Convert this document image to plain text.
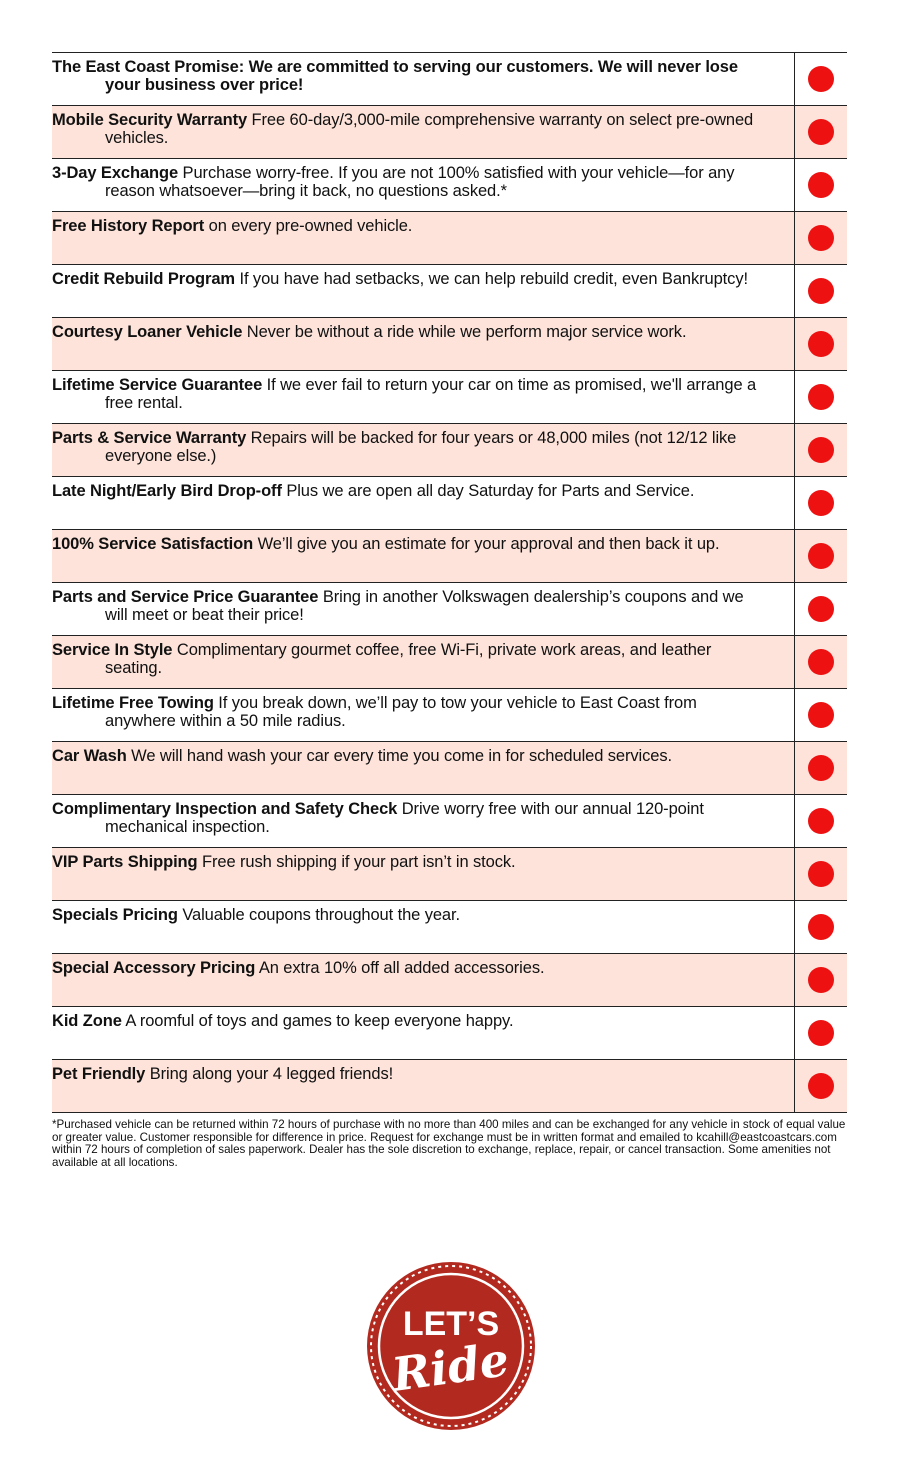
The East Coast Promise: We are committed to serving our customers. We will never lose your business over price!
Mobile Security Warranty Free 60-day/3,000-mile comprehensive warranty on select pre-owned vehicles.
3-Day Exchange Purchase worry-free. If you are not 100% satisfied with your vehicle—for any reason whatsoever—bring it back, no questions asked.*
Free History Report on every pre-owned vehicle.
Credit Rebuild Program If you have had setbacks, we can help rebuild credit, even Bankruptcy!
Courtesy Loaner Vehicle Never be without a ride while we perform major service work.
Lifetime Service Guarantee If we ever fail to return your car on time as promised, we'll arrange a free rental.
Parts & Service Warranty Repairs will be backed for four years or 48,000 miles (not 12/12 like everyone else.)
Late Night/Early Bird Drop-off Plus we are open all day Saturday for Parts and Service.
100% Service Satisfaction We’ll give you an estimate for your approval and then back it up.
Parts and Service Price Guarantee Bring in another Volkswagen dealership’s coupons and we will meet or beat their price!
Service In Style Complimentary gourmet coffee, free Wi-Fi, private work areas, and leather seating.
Lifetime Free Towing If you break down, we’ll pay to tow your vehicle to East Coast from anywhere within a 50 mile radius.
Car Wash We will hand wash your car every time you come in for scheduled services.
Complimentary Inspection and Safety Check Drive worry free with our annual 120-point mechanical inspection.
VIP Parts Shipping Free rush shipping if your part isn’t in stock.
Specials Pricing Valuable coupons throughout the year.
Special Accessory Pricing An extra 10% off all added accessories.
Kid Zone A roomful of toys and games to keep everyone happy.
Pet Friendly Bring along your 4 legged friends!
*Purchased vehicle can be returned within 72 hours of purchase with no more than 400 miles and can be exchanged for any vehicle in stock of equal value or greater value. Customer responsible for difference in price. Request for exchange must be in written format and emailed to kcahill@eastcoastcars.com within 72 hours of completion of sales paperwork. Dealer has the sole discretion to exchange, replace, repair, or cancel transaction. Some amenities not available at all locations.
LET’S
Ride
